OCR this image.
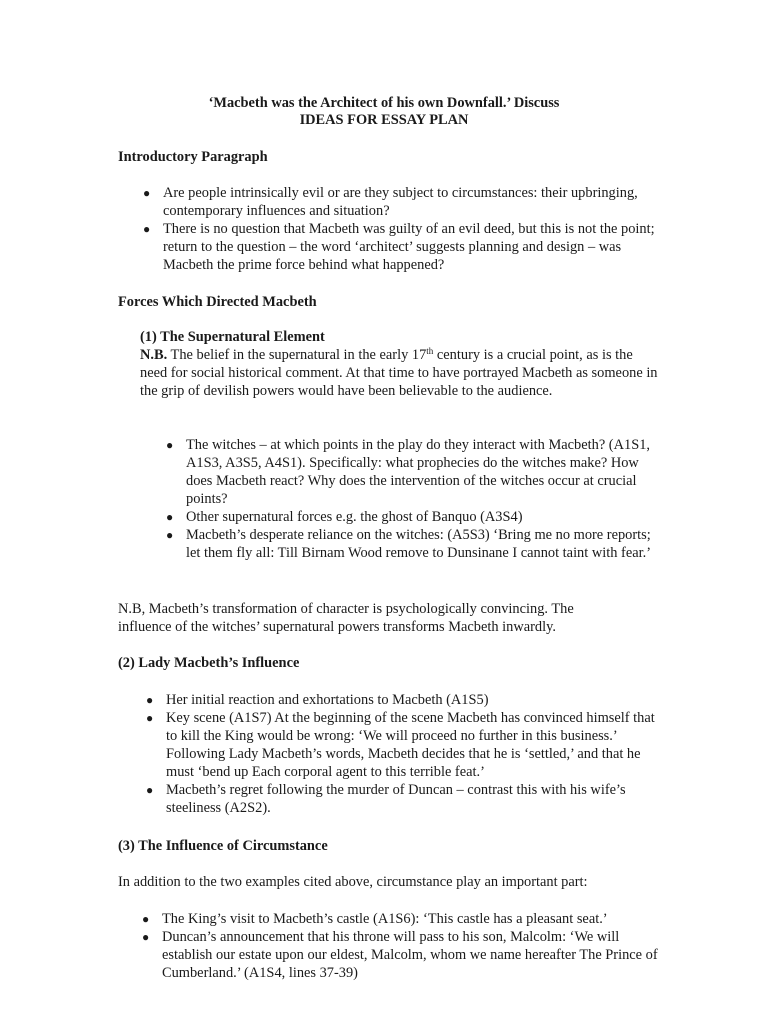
‘Macbeth was the Architect of his own Downfall.’ Discuss
IDEAS FOR ESSAY PLAN
Introductory Paragraph
● Are people intrinsically evil or are they subject to circumstances: their upbringing, contemporary influences and situation?
● There is no question that Macbeth was guilty of an evil deed, but this is not the point; return to the question – the word ‘architect’ suggests planning and design – was Macbeth the prime force behind what happened?
Forces Which Directed Macbeth
(1) The Supernatural Element
N.B. The belief in the supernatural in the early 17th century is a crucial point, as is the need for social historical comment. At that time to have portrayed Macbeth as someone in the grip of devilish powers would have been believable to the audience.
● The witches – at which points in the play do they interact with Macbeth? (A1S1, A1S3, A3S5, A4S1). Specifically: what prophecies do the witches make? How does Macbeth react? Why does the intervention of the witches occur at crucial points?
● Other supernatural forces e.g. the ghost of Banquo (A3S4)
● Macbeth’s desperate reliance on the witches: (A5S3) ‘Bring me no more reports; let them fly all: Till Birnam Wood remove to Dunsinane I cannot taint with fear.’
N.B, Macbeth’s transformation of character is psychologically convincing. The influence of the witches’ supernatural powers transforms Macbeth inwardly.
(2) Lady Macbeth’s Influence
● Her initial reaction and exhortations to Macbeth (A1S5)
● Key scene (A1S7) At the beginning of the scene Macbeth has convinced himself that to kill the King would be wrong: ‘We will proceed no further in this business.’ Following Lady Macbeth’s words, Macbeth decides that he is ‘settled,’ and that he must ‘bend up Each corporal agent to this terrible feat.’
● Macbeth’s regret following the murder of Duncan – contrast this with his wife’s steeliness (A2S2).
(3) The Influence of Circumstance
In addition to the two examples cited above, circumstance play an important part:
● The King’s visit to Macbeth’s castle (A1S6): ‘This castle has a pleasant seat.’
● Duncan’s announcement that his throne will pass to his son, Malcolm: ‘We will establish our estate upon our eldest, Malcolm, whom we name hereafter The Prince of Cumberland.’ (A1S4, lines 37-39)
